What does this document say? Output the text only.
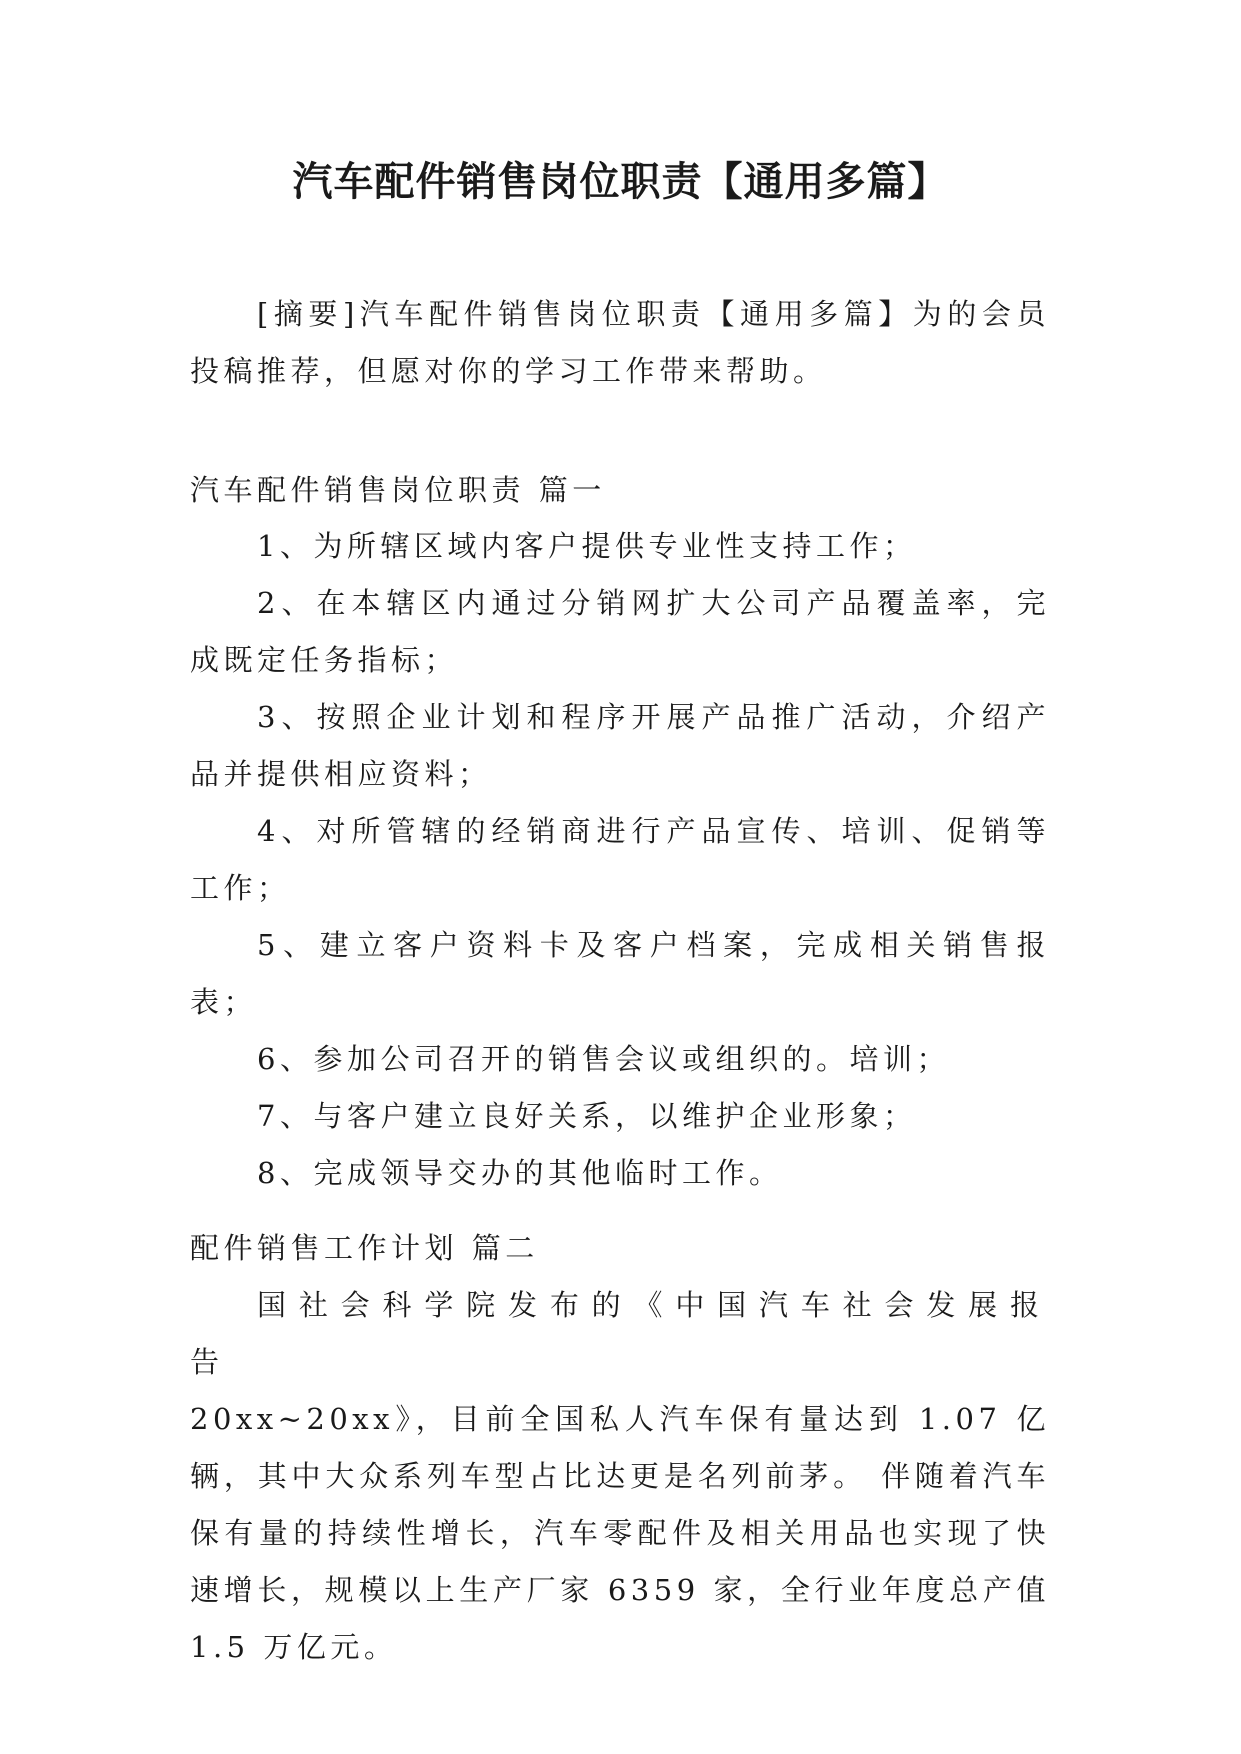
汽车配件销售岗位职责【通用多篇】

[摘要]汽车配件销售岗位职责【通用多篇】为的会员投稿推荐，但愿对你的学习工作带来帮助。

汽车配件销售岗位职责 篇一

1、为所辖区域内客户提供专业性支持工作；

2、在本辖区内通过分销网扩大公司产品覆盖率，完成既定任务指标；

3、按照企业计划和程序开展产品推广活动，介绍产品并提供相应资料；

4、对所管辖的经销商进行产品宣传、培训、促销等工作；

5、建立客户资料卡及客户档案，完成相关销售报表；

6、参加公司召开的销售会议或组织的。培训；

7、与客户建立良好关系，以维护企业形象；

8、完成领导交办的其他临时工作。

配件销售工作计划 篇二

国社会科学院发布的《中国汽车社会发展报告

20xx~20xx》，目前全国私人汽车保有量达到 1.07 亿辆，其中大众系列车型占比达更是名列前茅。 伴随着汽车保有量的持续性增长，汽车零配件及相关用品也实现了快速增长，规模以上生产厂家 6359 家，全行业年度总产值 1.5 万亿元。
